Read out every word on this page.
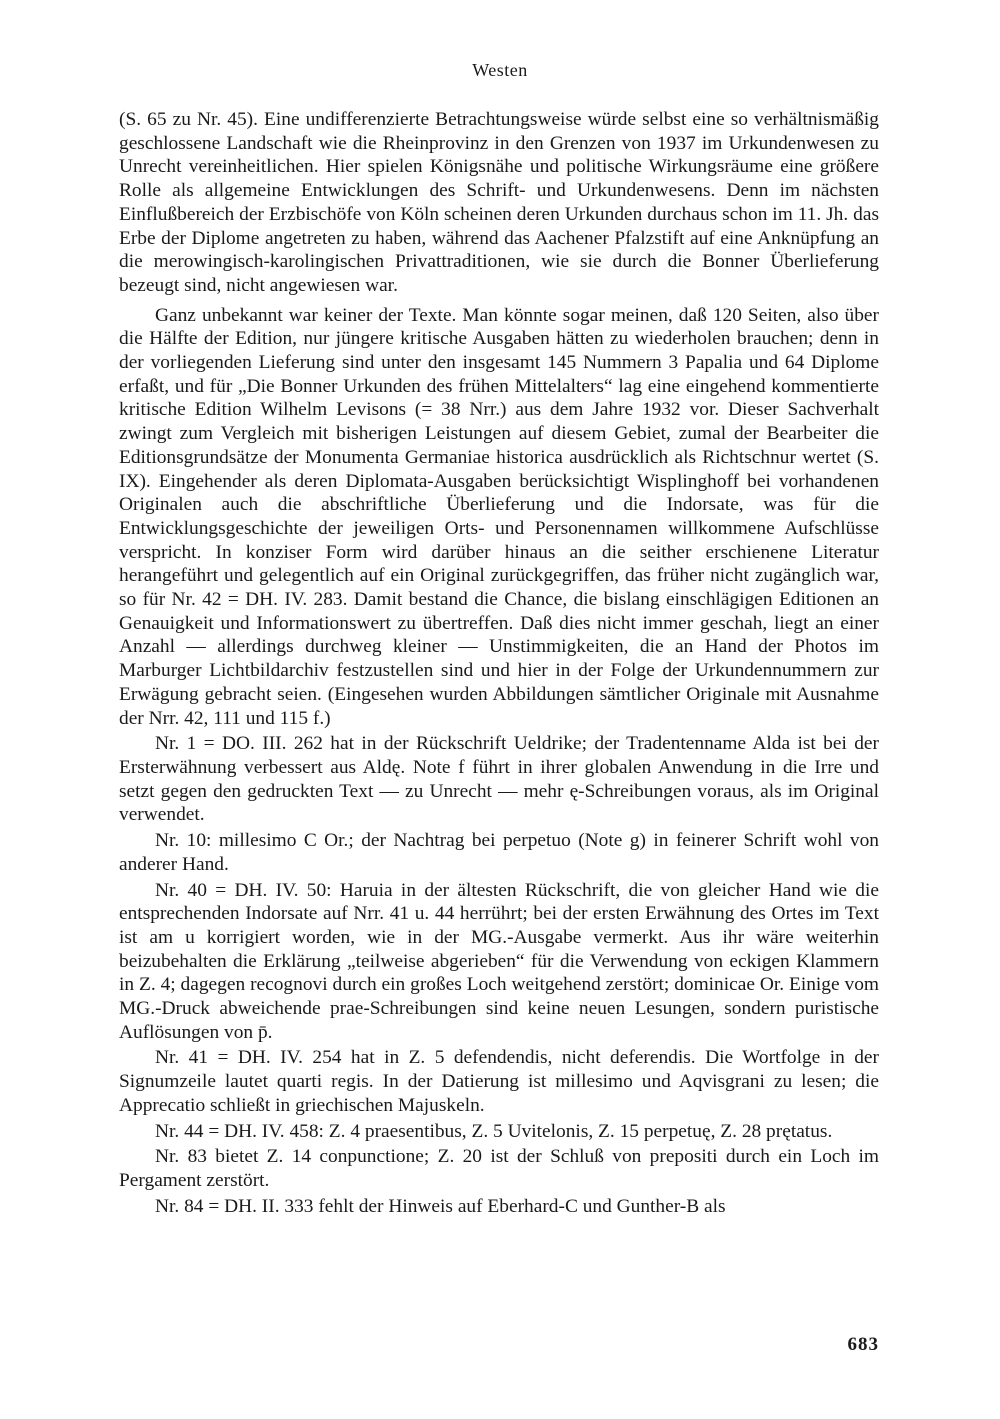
Westen

(S. 65 zu Nr. 45). Eine undifferenzierte Betrachtungsweise würde selbst eine so verhältnismäßig geschlossene Landschaft wie die Rheinprovinz in den Grenzen von 1937 im Urkundenwesen zu Unrecht vereinheitlichen. Hier spielen Königsnähe und politische Wirkungsräume eine größere Rolle als allgemeine Entwicklungen des Schrift- und Urkundenwesens. Denn im nächsten Einflußbereich der Erzbischöfe von Köln scheinen deren Urkunden durchaus schon im 11. Jh. das Erbe der Diplome angetreten zu haben, während das Aachener Pfalzstift auf eine Anknüpfung an die merowingisch-karolingischen Privattraditionen, wie sie durch die Bonner Überlieferung bezeugt sind, nicht angewiesen war.

Ganz unbekannt war keiner der Texte. Man könnte sogar meinen, daß 120 Seiten, also über die Hälfte der Edition, nur jüngere kritische Ausgaben hätten zu wiederholen brauchen; denn in der vorliegenden Lieferung sind unter den insgesamt 145 Nummern 3 Papalia und 64 Diplome erfaßt, und für „Die Bonner Urkunden des frühen Mittelalters“ lag eine eingehend kommentierte kritische Edition Wilhelm Levisons (= 38 Nrr.) aus dem Jahre 1932 vor. Dieser Sachverhalt zwingt zum Vergleich mit bisherigen Leistungen auf diesem Gebiet, zumal der Bearbeiter die Editionsgrundsätze der Monumenta Germaniae historica ausdrücklich als Richtschnur wertet (S. IX). Eingehender als deren Diplomata-Ausgaben berücksichtigt Wisplinghoff bei vorhandenen Originalen auch die abschriftliche Überlieferung und die Indorsate, was für die Entwicklungsgeschichte der jeweiligen Orts- und Personennamen willkommene Aufschlüsse verspricht. In konziser Form wird darüber hinaus an die seither erschienene Literatur herangeführt und gelegentlich auf ein Original zurückgegriffen, das früher nicht zugänglich war, so für Nr. 42 = DH. IV. 283. Damit bestand die Chance, die bislang einschlägigen Editionen an Genauigkeit und Informationswert zu übertreffen. Daß dies nicht immer geschah, liegt an einer Anzahl — allerdings durchweg kleiner — Unstimmigkeiten, die an Hand der Photos im Marburger Lichtbildarchiv festzustellen sind und hier in der Folge der Urkundennummern zur Erwägung gebracht seien. (Eingesehen wurden Abbildungen sämtlicher Originale mit Ausnahme der Nrr. 42, 111 und 115 f.)

Nr. 1 = DO. III. 262 hat in der Rückschrift Ueldrike; der Tradentenname Alda ist bei der Ersterwähnung verbessert aus Aldę. Note f führt in ihrer globalen Anwendung in die Irre und setzt gegen den gedruckten Text — zu Unrecht — mehr ę-Schreibungen voraus, als im Original verwendet.

Nr. 10: millesimo C Or.; der Nachtrag bei perpetuo (Note g) in feinerer Schrift wohl von anderer Hand.

Nr. 40 = DH. IV. 50: Haruia in der ältesten Rückschrift, die von gleicher Hand wie die entsprechenden Indorsate auf Nrr. 41 u. 44 herrührt; bei der ersten Erwähnung des Ortes im Text ist am u korrigiert worden, wie in der MG.-Ausgabe vermerkt. Aus ihr wäre weiterhin beizubehalten die Erklärung „teilweise abgerieben“ für die Verwendung von eckigen Klammern in Z. 4; dagegen recognovi durch ein großes Loch weitgehend zerstört; dominicae Or. Einige vom MG.-Druck abweichende prae-Schreibungen sind keine neuen Lesungen, sondern puristische Auflösungen von p̄.

Nr. 41 = DH. IV. 254 hat in Z. 5 defendendis, nicht deferendis. Die Wortfolge in der Signumzeile lautet quarti regis. In der Datierung ist millesimo und Aqvisgrani zu lesen; die Apprecatio schließt in griechischen Majuskeln.

Nr. 44 = DH. IV. 458: Z. 4 praesentibus, Z. 5 Uvitelonis, Z. 15 perpetuę, Z. 28 prętatus.

Nr. 83 bietet Z. 14 conpunctione; Z. 20 ist der Schluß von prepositi durch ein Loch im Pergament zerstört.

Nr. 84 = DH. II. 333 fehlt der Hinweis auf Eberhard-C und Gunther-B als

683
